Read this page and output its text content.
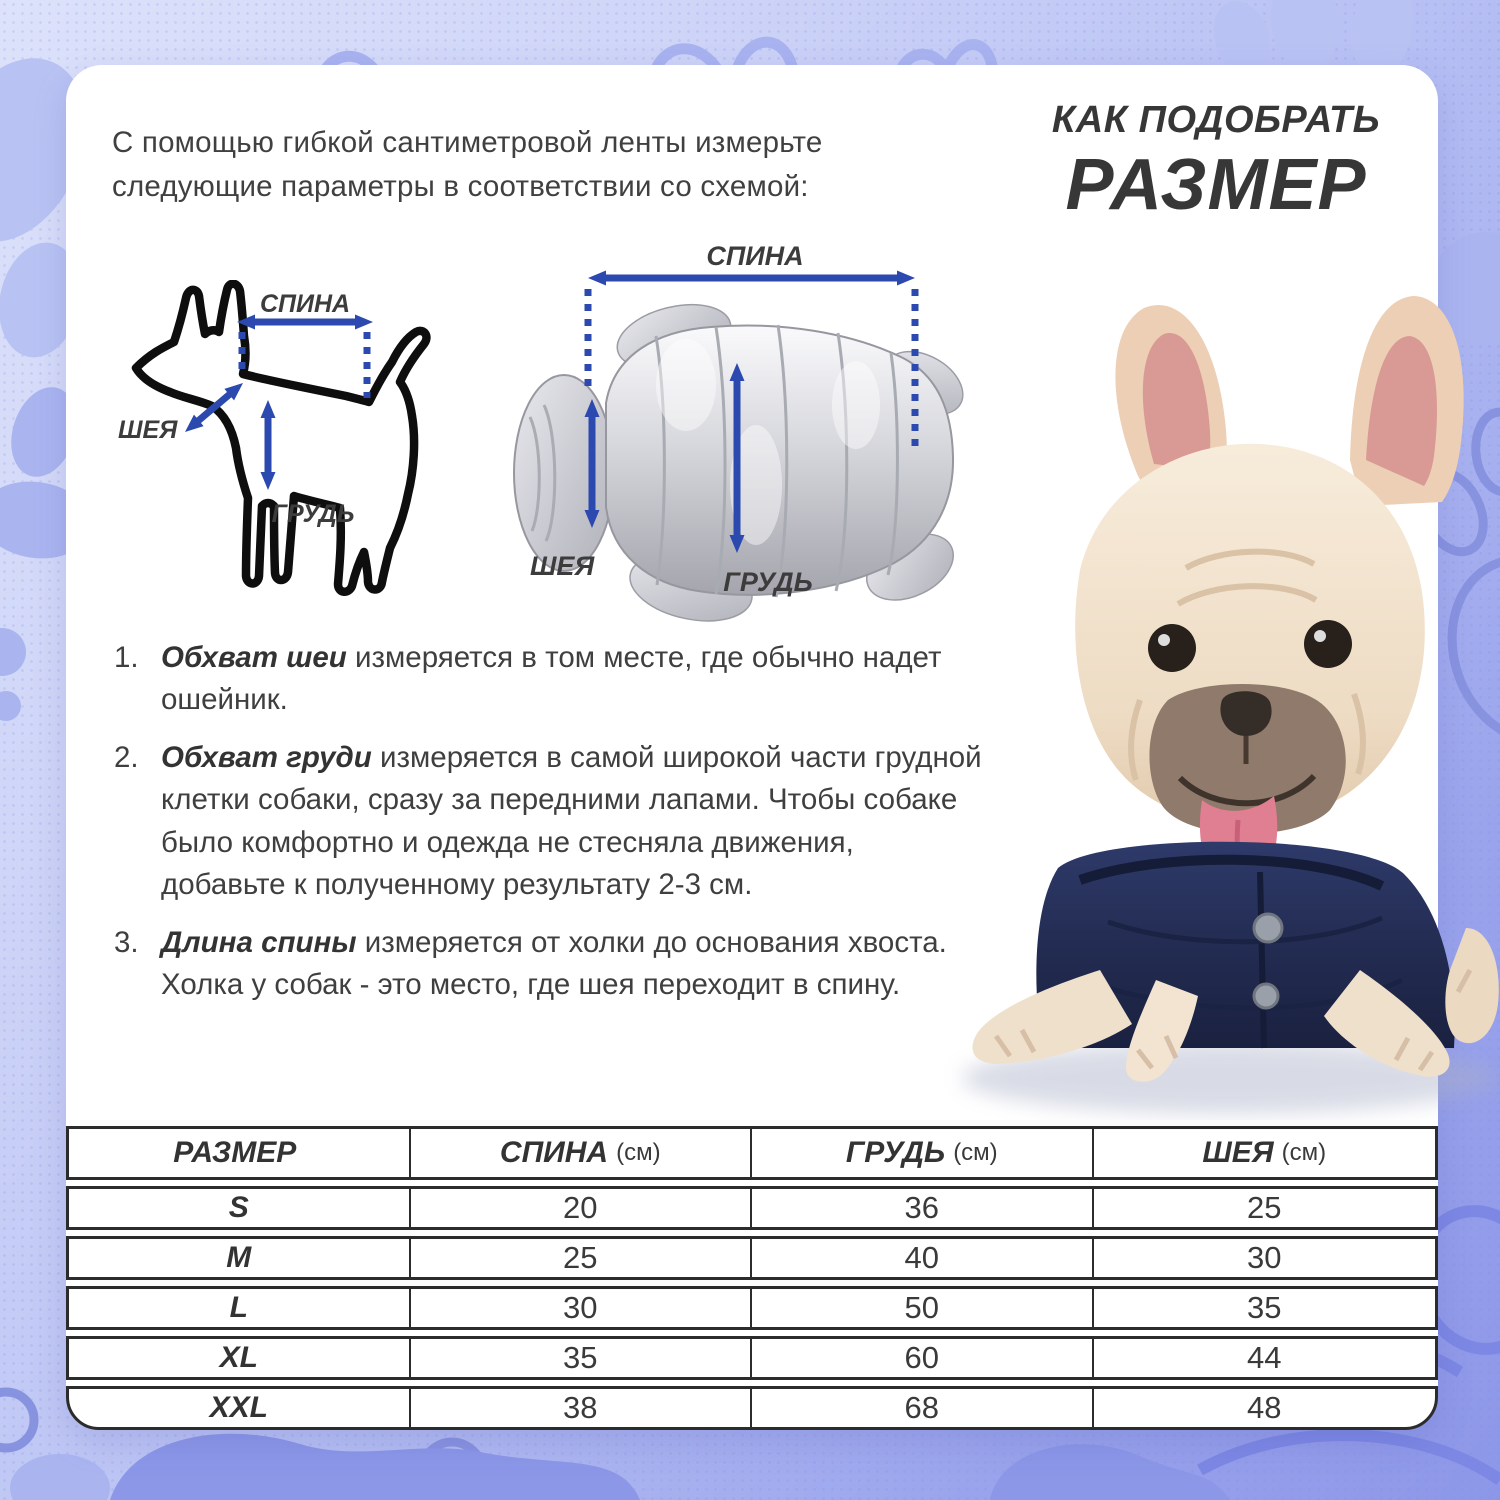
С помощью гибкой сантиметровой ленты измерьте
следующие параметры в соответствии со схемой:
КАК ПОДОБРАТЬ
РАЗМЕР
СПИНА
ШЕЯ
ГРУДЬ
СПИНА
ШЕЯ
ГРУДЬ
1. Обхват шеи измеряется в том месте, где обычно надет ошейник.
2. Обхват груди измеряется в самой широкой части грудной клетки собаки, сразу за передними лапами. Чтобы собаке было комфортно и одежда не стесняла движения, добавьте к полученному результату 2-3 см.
3. Длина спины измеряется от холки до основания хвоста. Холка у собак - это место, где шея переходит в спину.
РАЗМЕР	СПИНА (см)	ГРУДЬ (см)	ШЕЯ (см)
S	20	36	25
M	25	40	30
L	30	50	35
XL	35	60	44
XXL	38	68	48
